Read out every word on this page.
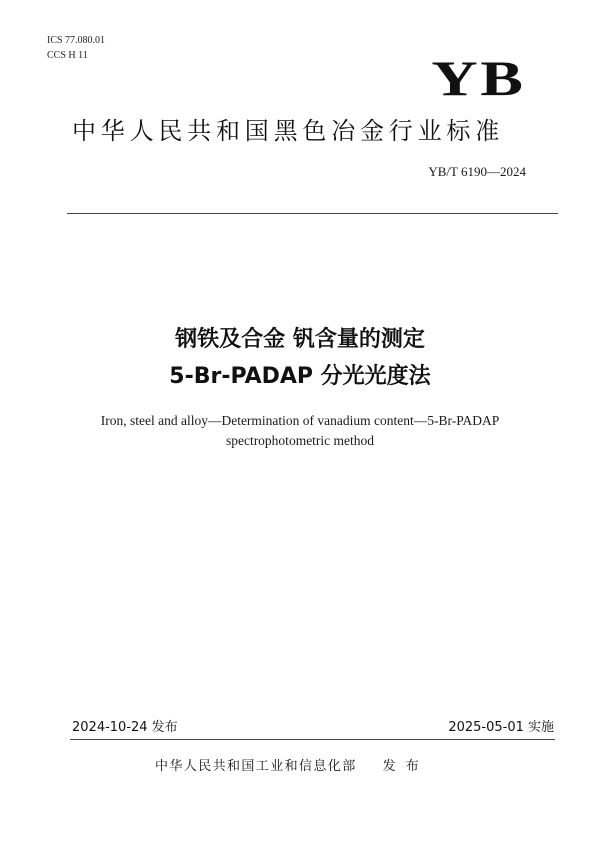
ICS 77.080.01
CCS H 11	YB
中华人民共和国黑色冶金行业标准
YB/T 6190—2024
钢铁及合金 钒含量的测定
5-Br-PADAP 分光光度法
Iron, steel and alloy—Determination of vanadium content—5-Br-PADAP
spectrophotometric method
2024-10-24 发布	2025-05-01 实施
中华人民共和国工业和信息化部 发布
